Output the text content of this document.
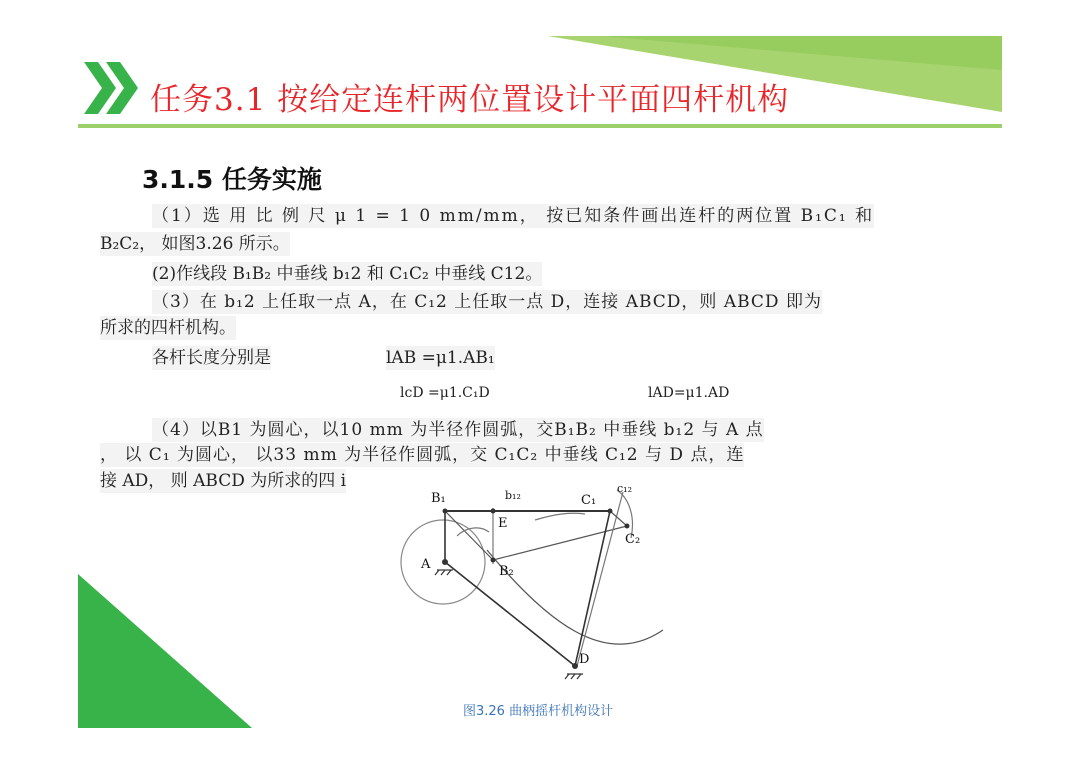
任务3.1 按给定连杆两位置设计平面四杆机构
3.1.5 任务实施
（1）选 用 比 例 尺 μ 1 = 1 0 mm/mm， 按已知条件画出连杆的两位置 B₁C₁ 和
B₂C₂， 如图3.26 所示。
(2)作线段 B₁B₂ 中垂线 b₁2 和 C₁C₂ 中垂线 C12。
（3）在 b₁2 上任取一点 A，在 C₁2 上任取一点 D，连接 ABCD，则 ABCD 即为
所求的四杆机构。
各杆长度分别是	lAB =μ1.AB₁
lcD =μ1.C₁D	lAD=μ1.AD
（4）以B1 为圆心，以10 mm 为半径作圆弧，交B₁B₂ 中垂线 b₁2 与 A 点
， 以 C₁ 为圆心， 以33 mm 为半径作圆弧，交 C₁C₂ 中垂线 C₁2 与 D 点，连
接 AD， 则 ABCD 为所求的四 i
B₁	b₁₂	C₁
c₁₂
E
C₂
A	B₂
D
图3.26 曲柄摇杆机构设计
